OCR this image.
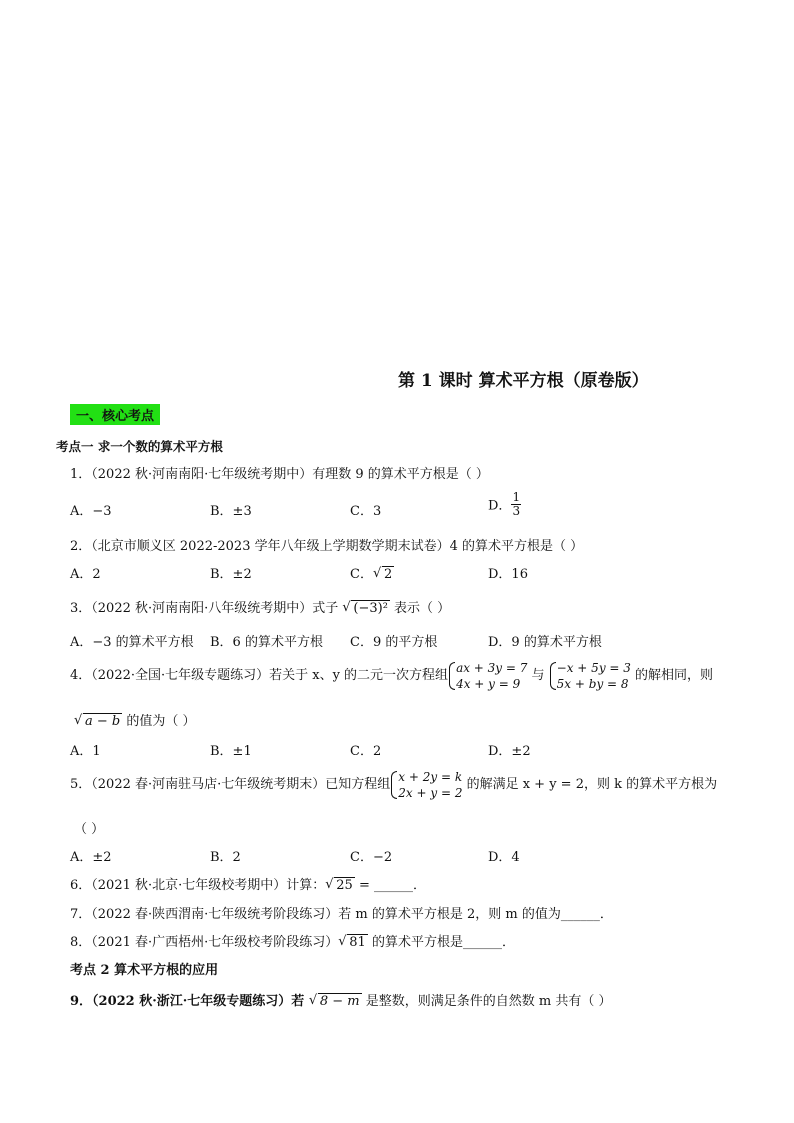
第 1 课时 算术平方根（原卷版）
一、核心考点
考点一 求一个数的算术平方根
1．（2022 秋·河南南阳·七年级统考期中）有理数 9 的算术平方根是（ ）
A．−3	B．±3	C．3	D． $\frac{1}{3}$
2．（北京市顺义区 2022-2023 学年八年级上学期数学期末试卷）4 的算术平方根是（ ）
A．2	B．±2	C． √ 2	D．16
3．（2022 秋·河南南阳·八年级统考期中）式子 √ (−3)² 表示（ ）
A．−3 的算术平方根 B．6 的算术平方根 C．9 的平方根	D．9 的算术平方根
4．（2022·全国·七年级专题练习）若关于 x、y 的二元一次方程组
ax + 3y = 7
4x + y = 9
与
−x + 5y = 3
5x + by = 8
的解相同，则
√ a − b 的值为（ ）
A．1	B．±1	C．2	D．±2
5．（2022 春·河南驻马店·七年级统考期末）已知方程组
x + 2y = k
2x + y = 2
的解满足 x + y = 2，则 k 的算术平方根为
（ ）
A．±2	B．2	C．−2	D．4
6．（2021 秋·北京·七年级校考期中）计算： √ 25 = ______．
7．（2022 春·陕西渭南·七年级统考阶段练习）若 m 的算术平方根是 2，则 m 的值为______．
8．（2021 春·广西梧州·七年级校考阶段练习） √ 81 的算术平方根是______．
考点 2 算术平方根的应用
9．（2022 秋·浙江·七年级专题练习）若 √ 8 − m 是整数，则满足条件的自然数 m 共有（ ）
